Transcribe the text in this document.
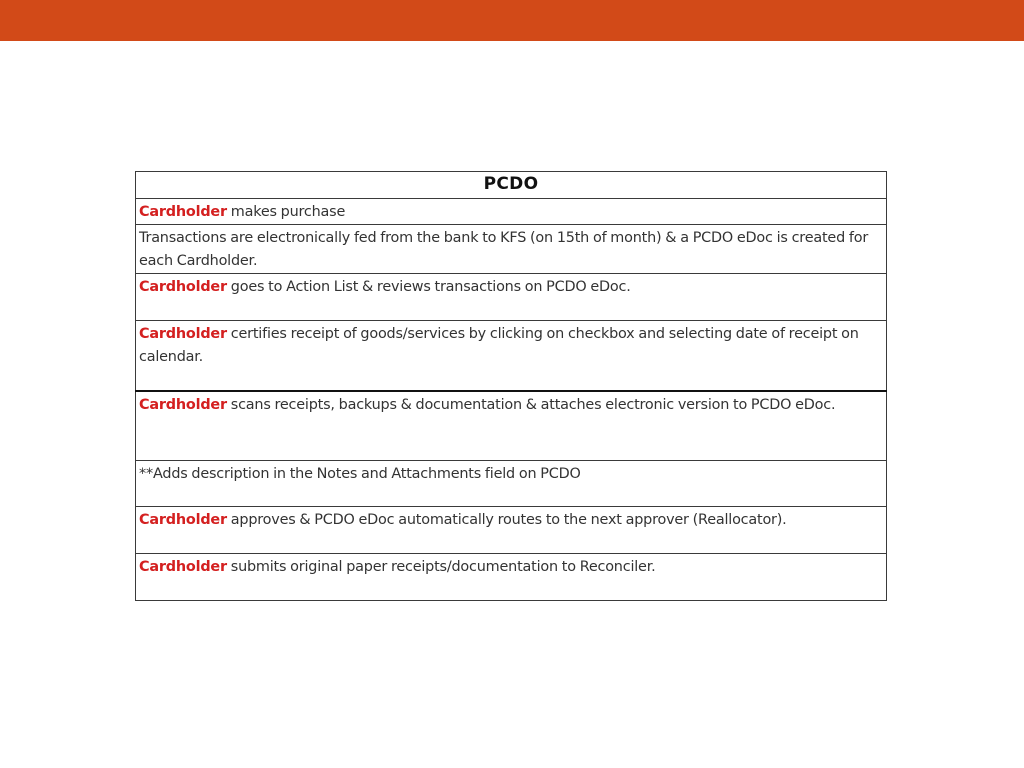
PCDO
Cardholder makes purchase
Transactions are electronically fed from the bank to KFS (on 15th of month) & a PCDO eDoc is created for each Cardholder.
Cardholder goes to Action List & reviews transactions on PCDO eDoc.
Cardholder certifies receipt of goods/services by clicking on checkbox and selecting date of receipt on calendar.
Cardholder scans receipts, backups & documentation & attaches electronic version to PCDO eDoc.
**Adds description in the Notes and Attachments field on PCDO
Cardholder approves & PCDO eDoc automatically routes to the next approver (Reallocator).
Cardholder submits original paper receipts/documentation to Reconciler.
